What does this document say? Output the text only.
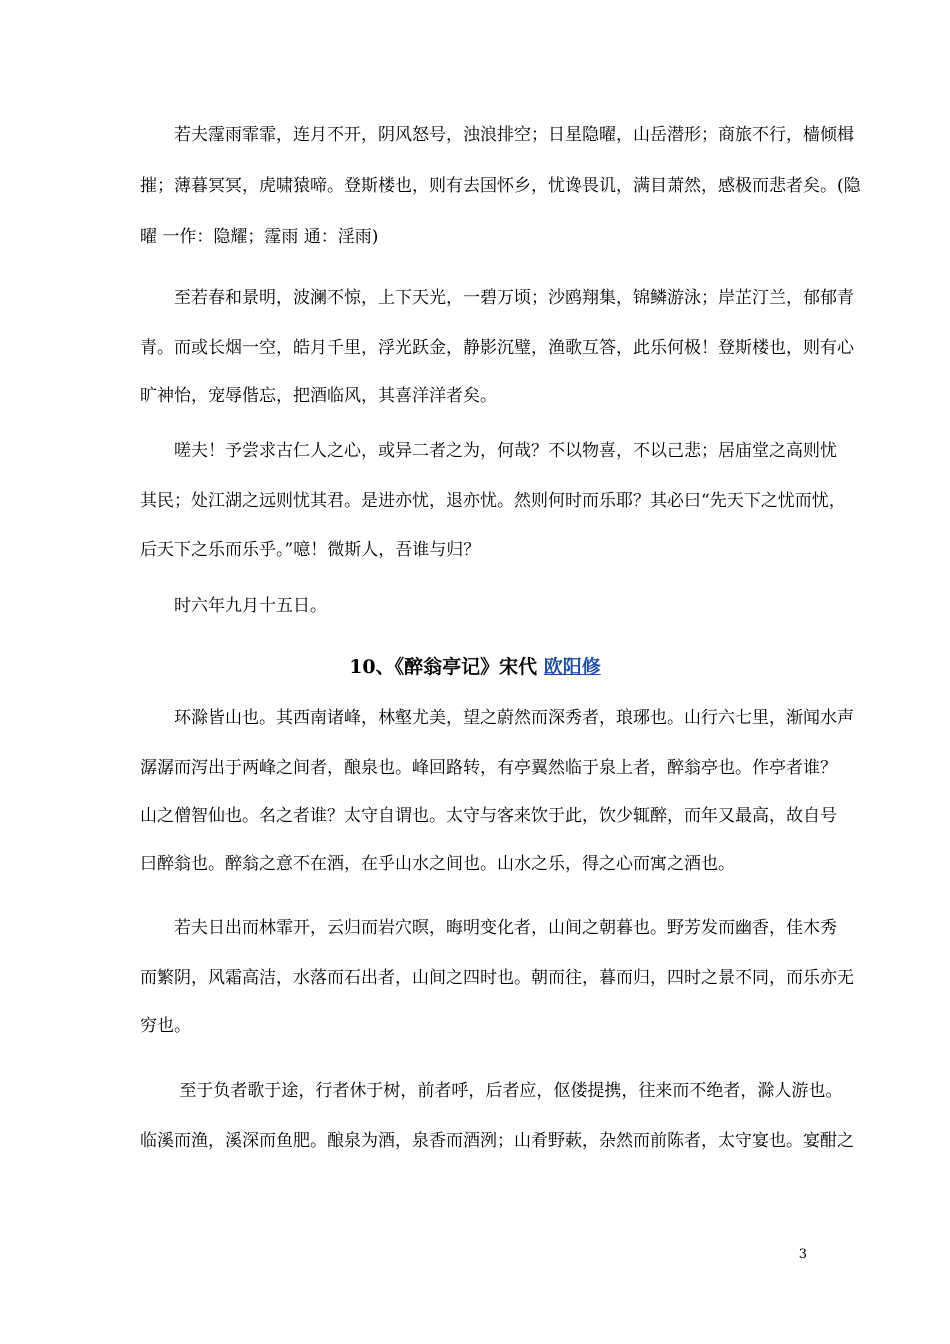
　　若夫霪雨霏霏，连月不开，阴风怒号，浊浪排空；日星隐曜，山岳潜形；商旅不行，樯倾楫
摧；薄暮冥冥，虎啸猿啼。登斯楼也，则有去国怀乡，忧谗畏讥，满目萧然，感极而悲者矣。(隐
曜 一作：隐耀；霪雨 通：淫雨)
　　至若春和景明，波澜不惊，上下天光，一碧万顷；沙鸥翔集，锦鳞游泳；岸芷汀兰，郁郁青
青。而或长烟一空，皓月千里，浮光跃金，静影沉璧，渔歌互答，此乐何极！登斯楼也，则有心
旷神怡，宠辱偕忘，把酒临风，其喜洋洋者矣。
　　嗟夫！予尝求古仁人之心，或异二者之为，何哉？不以物喜，不以己悲；居庙堂之高则忧
其民；处江湖之远则忧其君。是进亦忧，退亦忧。然则何时而乐耶？其必曰“先天下之忧而忧，
后天下之乐而乐乎。”噫！微斯人，吾谁与归？
　　时六年九月十五日。
10、《醉翁亭记》宋代 欧阳修
　　环滁皆山也。其西南诸峰，林壑尤美，望之蔚然而深秀者，琅琊也。山行六七里，渐闻水声
潺潺而泻出于两峰之间者，酿泉也。峰回路转，有亭翼然临于泉上者，醉翁亭也。作亭者谁？
山之僧智仙也。名之者谁？太守自谓也。太守与客来饮于此，饮少辄醉，而年又最高，故自号
曰醉翁也。醉翁之意不在酒，在乎山水之间也。山水之乐，得之心而寓之酒也。
　　若夫日出而林霏开，云归而岩穴暝，晦明变化者，山间之朝暮也。野芳发而幽香，佳木秀
而繁阴，风霜高洁，水落而石出者，山间之四时也。朝而往，暮而归，四时之景不同，而乐亦无
穷也。
　　 至于负者歌于途，行者休于树，前者呼，后者应，伛偻提携，往来而不绝者，滁人游也。
临溪而渔，溪深而鱼肥。酿泉为酒，泉香而酒洌；山肴野蔌，杂然而前陈者，太守宴也。宴酣之
3
